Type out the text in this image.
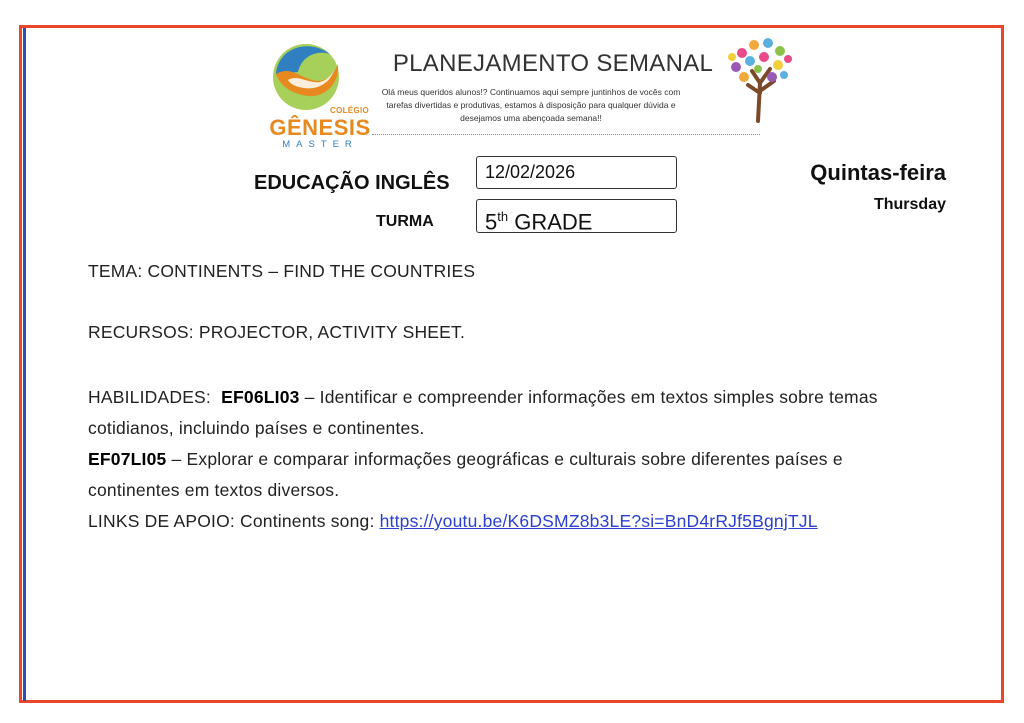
COLÉGIO
GÊNESIS
MASTER
PLANEJAMENTO SEMANAL
Olá meus queridos alunos!? Continuamos aqui sempre juntinhos de vocês com tarefas divertidas e produtivas, estamos à disposição para qualquer dúvida e desejamos uma abençoada semana!!
EDUCAÇÃO INGLÊS
TURMA
12/02/2026
5th GRADE
Quintas-feira
Thursday
TEMA: CONTINENTS – FIND THE COUNTRIES
RECURSOS: PROJECTOR, ACTIVITY SHEET.
HABILIDADES: EF06LI03 – Identificar e compreender informações em textos simples sobre temas cotidianos, incluindo países e continentes.
EF07LI05 – Explorar e comparar informações geográficas e culturais sobre diferentes países e continentes em textos diversos.
LINKS DE APOIO: Continents song: https://youtu.be/K6DSMZ8b3LE?si=BnD4rRJf5BgnjTJL
